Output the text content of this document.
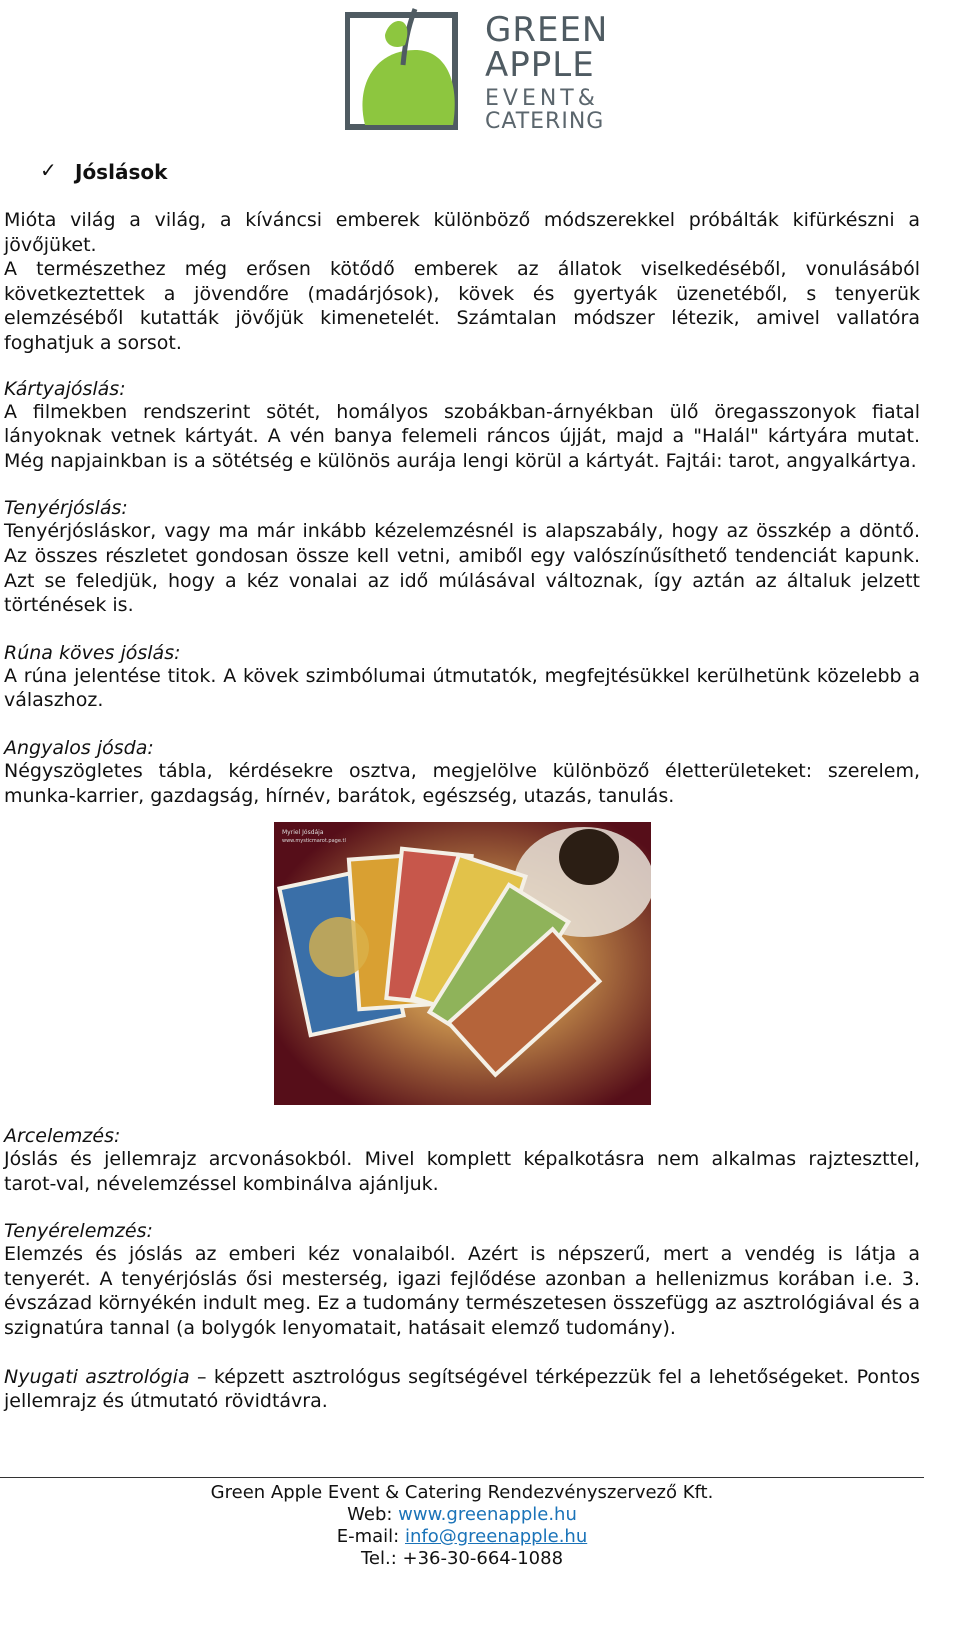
GREEN
APPLE
EVENT&
CATERING
✓ Jóslások

Mióta világ a világ, a kíváncsi emberek különböző módszerekkel próbálták kifürkészni a jövőjüket.

A természethez még erősen kötődő emberek az állatok viselkedéséből, vonulásából következtettek a jövendőre (madárjósok), kövek és gyertyák üzenetéből, s tenyerük elemzéséből kutatták jövőjük kimenetelét. Számtalan módszer létezik, amivel vallatóra foghatjuk a sorsot.

Kártyajóslás:

A filmekben rendszerint sötét, homályos szobákban-árnyékban ülő öregasszonyok fiatal lányoknak vetnek kártyát. A vén banya felemeli ráncos újját, majd a "Halál" kártyára mutat. Még napjainkban is a sötétség e különös aurája lengi körül a kártyát. Fajtái: tarot, angyalkártya.

Tenyérjóslás:

Tenyérjósláskor, vagy ma már inkább kézelemzésnél is alapszabály, hogy az összkép a döntő. Az összes részletet gondosan össze kell vetni, amiből egy valószínűsíthető tendenciát kapunk. Azt se feledjük, hogy a kéz vonalai az idő múlásával változnak, így aztán az általuk jelzett történések is.

Rúna köves jóslás:

A rúna jelentése titok. A kövek szimbólumai útmutatók, megfejtésükkel kerülhetünk közelebb a válaszhoz.

Angyalos jósda:

Négyszögletes tábla, kérdésekre osztva, megjelölve különböző életterületeket: szerelem, munka-karrier, gazdagság, hírnév, barátok, egészség, utazás, tanulás.

Myriel Jósdája
www.mysticmarot.page.tl
Arcelemzés:

Jóslás és jellemrajz arcvonásokból. Mivel komplett képalkotásra nem alkalmas rajzteszttel, tarot-val, névelemzéssel kombinálva ajánljuk.

Tenyérelemzés:

Elemzés és jóslás az emberi kéz vonalaiból. Azért is népszerű, mert a vendég is látja a tenyerét. A tenyérjóslás ősi mesterség, igazi fejlődése azonban a hellenizmus korában i.e. 3. évszázad környékén indult meg. Ez a tudomány természetesen összefügg az asztrológiával és a szignatúra tannal (a bolygók lenyomatait, hatásait elemző tudomány).

Nyugati asztrológia – képzett asztrológus segítségével térképezzük fel a lehetőségeket. Pontos jellemrajz és útmutató rövidtávra.

Green Apple Event & Catering Rendezvényszervező Kft.
Web: www.greenapple.hu
E-mail: info@greenapple.hu
Tel.: +36-30-664-1088
